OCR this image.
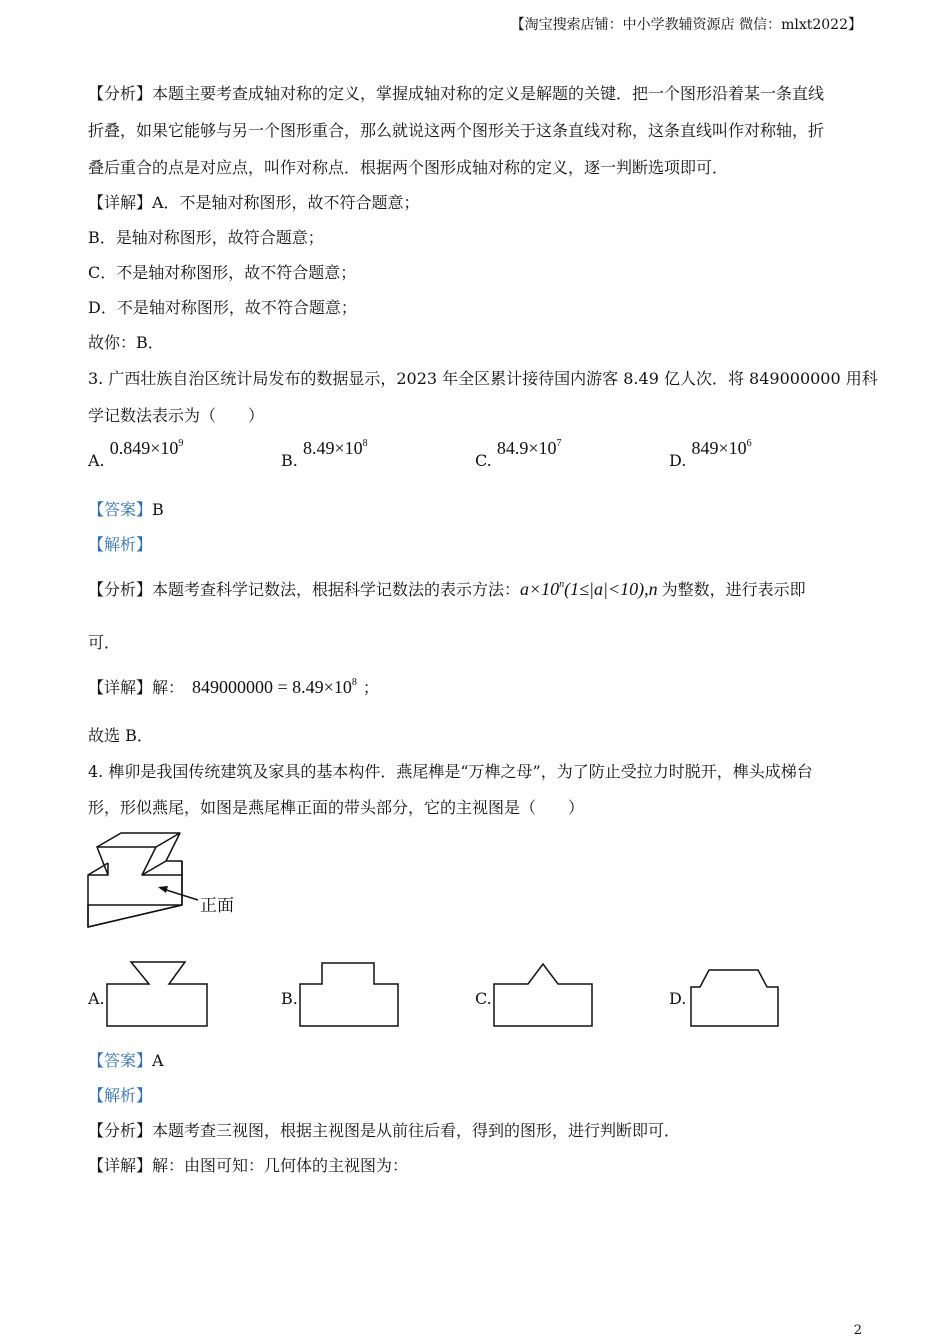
【淘宝搜索店铺：中小学教辅资源店 微信：mlxt2022】
【分析】本题主要考查成轴对称的定义，掌握成轴对称的定义是解题的关键．把一个图形沿着某一条直线
折叠，如果它能够与另一个图形重合，那么就说这两个图形关于这条直线对称，这条直线叫作对称轴，折
叠后重合的点是对应点，叫作对称点．根据两个图形成轴对称的定义，逐一判断选项即可．
【详解】A．不是轴对称图形，故不符合题意；
B．是轴对称图形，故符合题意；
C．不是轴对称图形，故不符合题意；
D．不是轴对称图形，故不符合题意；
故你：B．
3. 广西壮族自治区统计局发布的数据显示，2023 年全区累计接待国内游客 8.49 亿人次．将 849000000 用科
学记数法表示为（　　）
A. $0.849\times 10^9$
B. $8.49\times 10^8$
C. $84.9\times 10^7$
D. $849\times 10^6$
【答案】B
【解析】
【分析】本题考查科学记数法，根据科学记数法的表示方法：$a\times 10^n(1\le|a|<10),n$ 为整数，进行表示即
可．
【详解】解： $849000000 = 8.49\times 10^8$ ；
故选 B．
4. 榫卯是我国传统建筑及家具的基本构件．燕尾榫是“万榫之母”，为了防止受拉力时脱开，榫头成梯台
形，形似燕尾，如图是燕尾榫正面的带头部分，它的主视图是（　　）
正面
A.	B.	C.	D.
【答案】A
【解析】
【分析】本题考查三视图，根据主视图是从前往后看，得到的图形，进行判断即可．
【详解】解：由图可知：几何体的主视图为：
2
